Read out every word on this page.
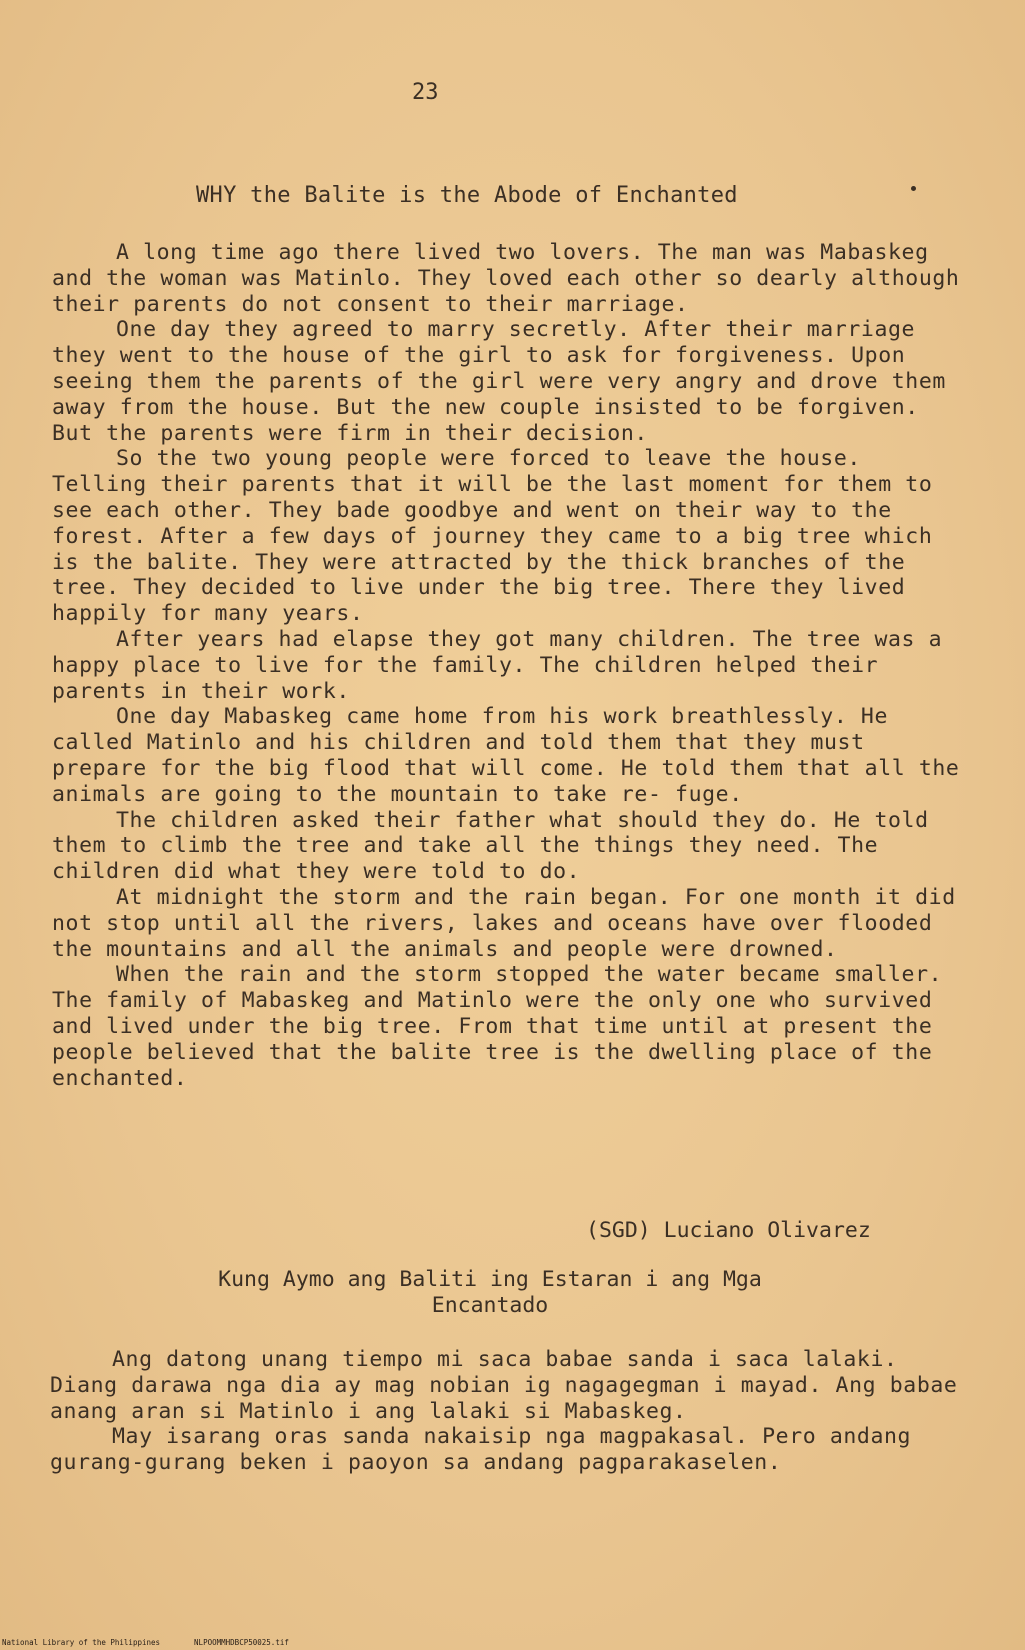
23
WHY the Balite is the Abode of Enchanted

A long time ago there lived two lovers. The man was Mabaskeg and the woman was Matinlo. They loved each other so dearly although their parents do not consent to their marriage.

One day they agreed to marry secretly. After their marriage they went to the house of the girl to ask for forgiveness. Upon seeing them the parents of the girl were very angry and drove them away from the house. But the new couple insisted to be forgiven. But the parents were firm in their decision.

So the two young people were forced to leave the house. Telling their parents that it will be the last moment for them to see each other. They bade goodbye and went on their way to the forest. After a few days of journey they came to a big tree which is the balite. They were attracted by the thick branches of the tree. They decided to live under the big tree. There they lived happily for many years.

After years had elapse they got many children. The tree was a happy place to live for the family. The children helped their parents in their work.

One day Mabaskeg came home from his work breathlessly. He called Matinlo and his children and told them that they must prepare for the big flood that will come. He told them that all the animals are going to the mountain to take re- fuge.

The children asked their father what should they do. He told them to climb the tree and take all the things they need. The children did what they were told to do.

At midnight the storm and the rain began. For one month it did not stop until all the rivers, lakes and oceans have over flooded the mountains and all the animals and people were drowned.

When the rain and the storm stopped the water became smaller. The family of Mabaskeg and Matinlo were the only one who survived and lived under the big tree. From that time until at present the people believed that the balite tree is the dwelling place of the enchanted.

(SGD) Luciano Olivarez
Kung Aymo ang Baliti ing Estaran i ang Mga
Encantado

Ang datong unang tiempo mi saca babae sanda i saca lalaki. Diang darawa nga dia ay mag nobian ig nagagegman i mayad. Ang babae anang aran si Matinlo i ang lalaki si Mabaskeg.

May isarang oras sanda nakaisip nga magpakasal. Pero andang gurang-gurang beken i paoyon sa andang pagparakaselen.

National Library of the Philippines	NLPOOMMHDBCP50025.tif
